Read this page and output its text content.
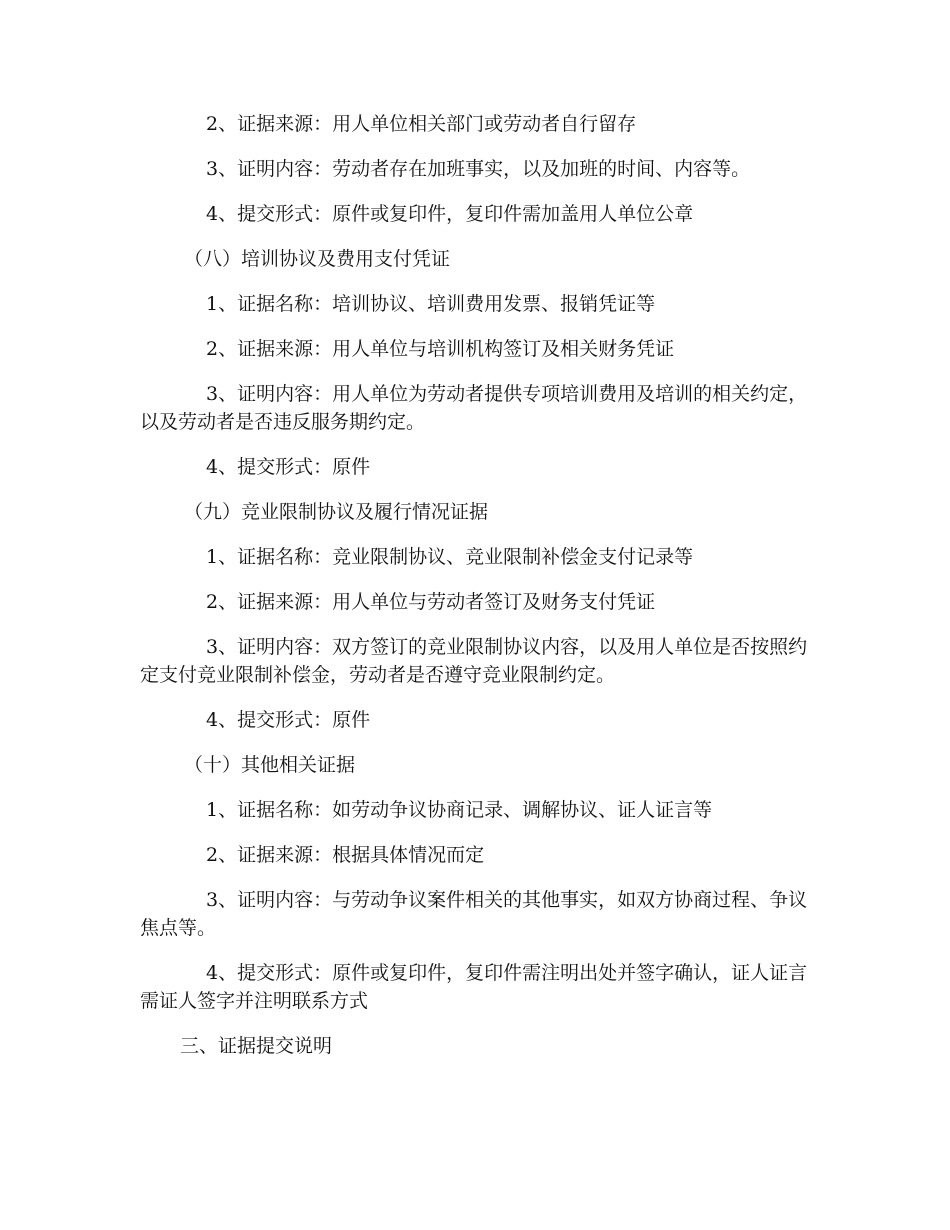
2、证据来源：用人单位相关部门或劳动者自行留存

3、证明内容：劳动者存在加班事实，以及加班的时间、内容等。

4、提交形式：原件或复印件，复印件需加盖用人单位公章

（八）培训协议及费用支付凭证

1、证据名称：培训协议、培训费用发票、报销凭证等

2、证据来源：用人单位与培训机构签订及相关财务凭证

3、证明内容：用人单位为劳动者提供专项培训费用及培训的相关约定，以及劳动者是否违反服务期约定。

4、提交形式：原件

（九）竞业限制协议及履行情况证据

1、证据名称：竞业限制协议、竞业限制补偿金支付记录等

2、证据来源：用人单位与劳动者签订及财务支付凭证

3、证明内容：双方签订的竞业限制协议内容，以及用人单位是否按照约定支付竞业限制补偿金，劳动者是否遵守竞业限制约定。

4、提交形式：原件

（十）其他相关证据

1、证据名称：如劳动争议协商记录、调解协议、证人证言等

2、证据来源：根据具体情况而定

3、证明内容：与劳动争议案件相关的其他事实，如双方协商过程、争议焦点等。

4、提交形式：原件或复印件，复印件需注明出处并签字确认，证人证言需证人签字并注明联系方式

三、证据提交说明
